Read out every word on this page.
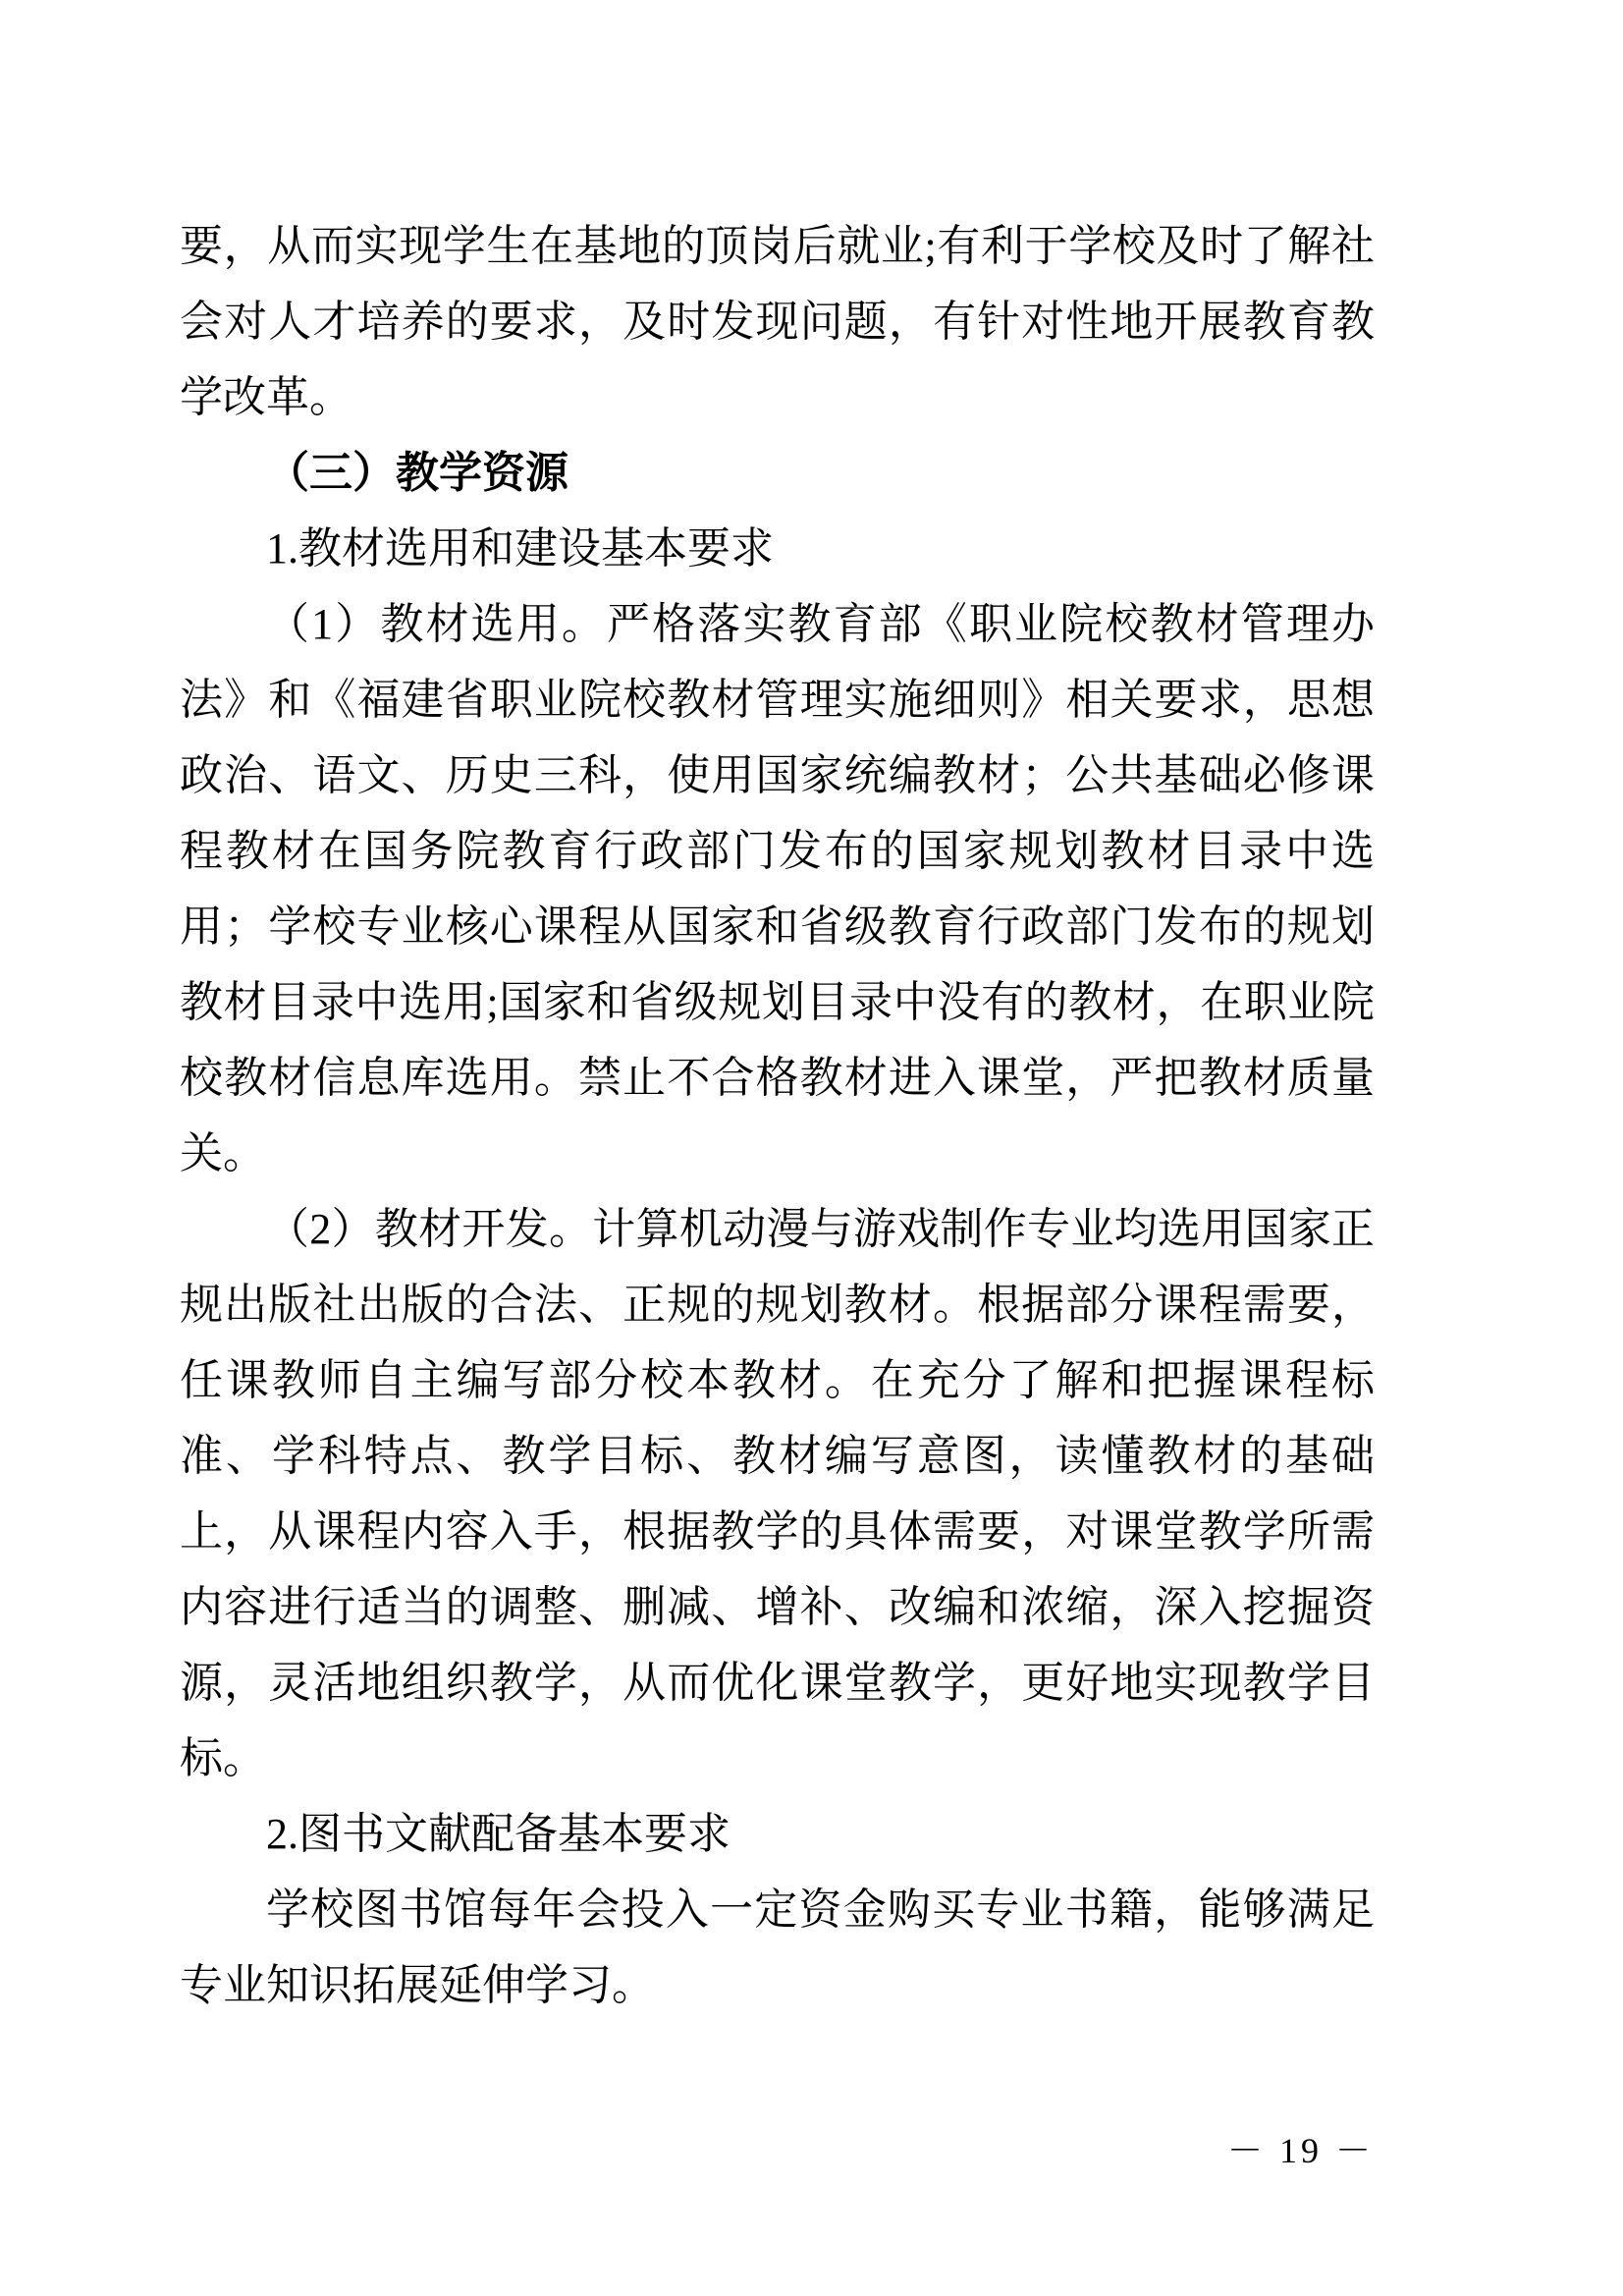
要，从而实现学生在基地的顶岗后就业;有利于学校及时了解社会对人才培养的要求，及时发现问题，有针对性地开展教育教学改革。

（三）教学资源

1.教材选用和建设基本要求

（1）教材选用。严格落实教育部《职业院校教材管理办法》和《福建省职业院校教材管理实施细则》相关要求，思想政治、语文、历史三科，使用国家统编教材；公共基础必修课程教材在国务院教育行政部门发布的国家规划教材目录中选用；学校专业核心课程从国家和省级教育行政部门发布的规划教材目录中选用;国家和省级规划目录中没有的教材，在职业院校教材信息库选用。禁止不合格教材进入课堂，严把教材质量关。

（2）教材开发。计算机动漫与游戏制作专业均选用国家正规出版社出版的合法、正规的规划教材。根据部分课程需要，任课教师自主编写部分校本教材。在充分了解和把握课程标准、学科特点、教学目标、教材编写意图，读懂教材的基础上，从课程内容入手，根据教学的具体需要，对课堂教学所需内容进行适当的调整、删减、增补、改编和浓缩，深入挖掘资源，灵活地组织教学，从而优化课堂教学，更好地实现教学目标。

2.图书文献配备基本要求

学校图书馆每年会投入一定资金购买专业书籍，能够满足专业知识拓展延伸学习。

－ 19 －
